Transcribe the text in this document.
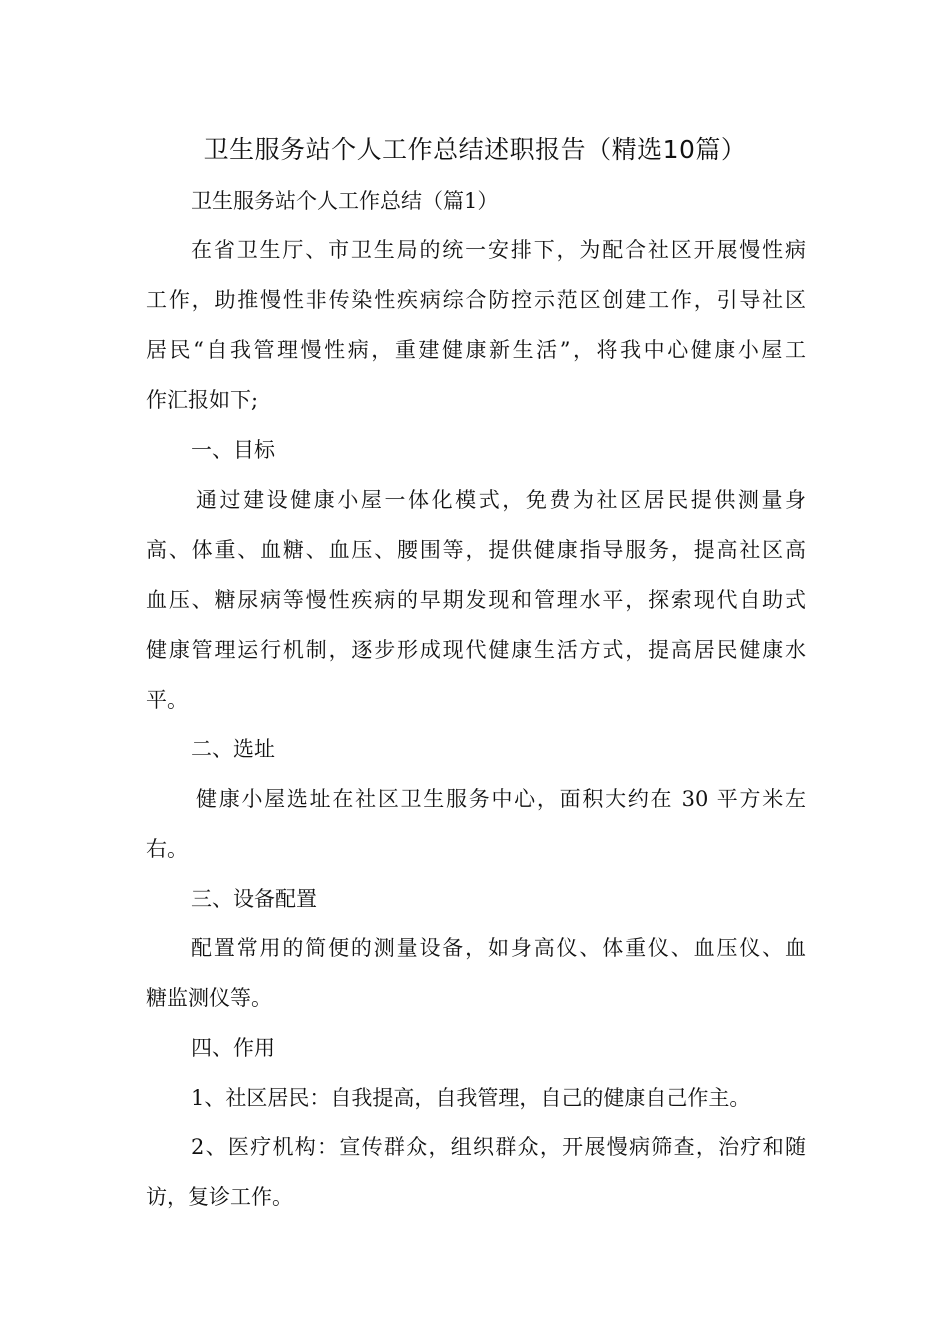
卫生服务站个人工作总结述职报告（精选10篇）
卫生服务站个人工作总结（篇1）
在省卫生厅、市卫生局的统一安排下，为配合社区开展慢性病
工作，助推慢性非传染性疾病综合防控示范区创建工作，引导社区
居民“自我管理慢性病，重建健康新生活”，将我中心健康小屋工
作汇报如下;
一、目标
通过建设健康小屋一体化模式，免费为社区居民提供测量身
高、体重、血糖、血压、腰围等，提供健康指导服务，提高社区高
血压、糖尿病等慢性疾病的早期发现和管理水平，探索现代自助式
健康管理运行机制，逐步形成现代健康生活方式，提高居民健康水
平。
二、选址
健康小屋选址在社区卫生服务中心，面积大约在 30 平方米左
右。
三、设备配置
配置常用的简便的测量设备，如身高仪、体重仪、血压仪、血
糖监测仪等。
四、作用
1、社区居民：自我提高，自我管理，自己的健康自己作主。
2、医疗机构：宣传群众，组织群众，开展慢病筛查，治疗和随
访，复诊工作。
